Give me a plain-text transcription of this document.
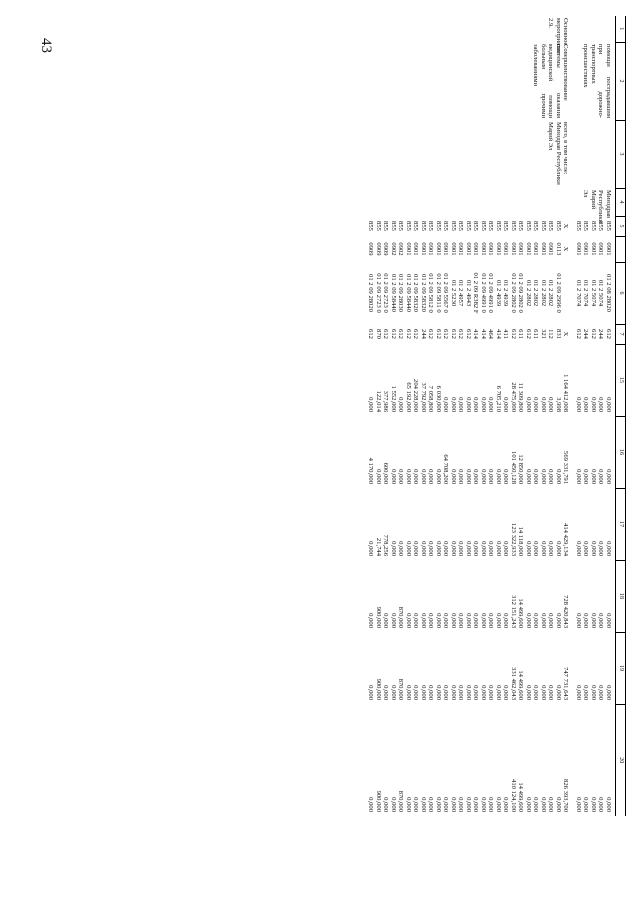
43
1	2	3	4	5		6	7	15	16	17	18	19	20
	помощи пострадавшим при дорожно-транспортных происшествиях		Минздрав Республики Марий Эл	855	0901	01 2 08 28020	612	0,000	0,000	0,000	0,000	0,000	0,000
				855	0901	01 2 5074	244	0,000	0,000	0,000	0,000	0,000	0,000
				855	0901	01 2 5074	612	0,000	0,000	0,000	0,000	0,000	0,000
				855	0901	01 2 7074	244	0,000	0,000	0,000	0,000	0,000	0,000
				855	0901	01 2 7074	612	0,000	0,000	0,000	0,000	0,000	0,000
Основное мероприятие 2.9.	Совершенствование системы оказания медицинской помощи больным прочими заболеваниями	всего, в том числе:		Х	Х		Х	1 164 412,008	569 331,791	414 429,134	728 420,843	747 731,643	826 393,700
		Минздрав Республики Марий Эл		855	0113	01 2 09 2996 0	831	3,998	0,000	0,000	0,000	0,000	0,000
				855	0901	01 2 2802	112	0,000	0,000	0,000	0,000	0,000	0,000
				855	0901	01 2 2802	321	0,000	0,000	0,000	0,000	0,000	0,000
				855	0901	01 2 2802	611	0,000	0,000	0,000	0,000	0,000	0,000
				855	0901	01 2 2802	612	0,000	0,000	0,000	0,000	0,000	0,000
				855	0901	01 2 09 2802 0	611	11 309,800	12 850,000	14 118,000	14 499,600	14 499,600	14 499,600
				855	0901	01 2 09 2802 0	612	28 475,000	101 450,128	123 322,933	312 151,243	331 462,043	410 124,100
				855	0901	01 2 4939	411	0,000	0,000	0,000	0,000	0,000	0,000
				855	0901	01 2 4939	414	6 705,210	0,000	0,000	0,000	0,000	0,000
				855	0901	01 2 09 4991 0	464	0,000	0,000	0,000	0,000	0,000	0,000
				855	0901	01 2 09 4991 0	414	0,000	0,000	0,000	0,000	0,000	0,000
				855	0901	01 2 09 R382 F	414	0,000	0,000	0,000	0,000	0,000	0,000
				855	0901	01 2 4943	612	0,000	0,000	0,000	0,000	0,000	0,000
				855	0901	01 2 4957	612	0,000	0,000	0,000	0,000	0,000	0,000
				855	0901	01 2 5230	612	0,000	0,000	0,000	0,000	0,000	0,000
				855	0901	01 2 09 5567 0	612	0,000	64 708,200	0,000	0,000	0,000	0,000
				855	0901	01 2 09 5811 0	612	6 030,000	0,000	0,000	0,000	0,000	0,000
				855	0901	01 2 09 5812 0	612	7 058,800	0,000	0,000	0,000	0,000	0,000
				855	0901	01 2 09 58320	244	37 792,000	0,000	0,000	0,000	0,000	0,000
				855	0901	01 2 09 58320	612	204 228,000	0,000	0,000	0,000	0,000	0,000
				855	0901	01 2 09 58440	612	65 192,000	0,000	0,000	0,000	0,000	0,000
				855	0902	01 2 09 28030	612	0,000	0,000	0,000	870,000	870,000	870,000
				855	0902	01 2 09 58440	612	1 552,000	0,000	0,000	0,000	0,000	0,000
				855	0909	01 2 09 2723 0	612	377,986	600,000	778,256	0,000	0,000	0,000
				855	0909	01 2 09 2723 0	870	122,014	0,000	21,744	900,000	900,000	900,000
				855	0909	01 2 09 28020	612	0,000	4 170,000	0,000	0,000	0,000	0,000
